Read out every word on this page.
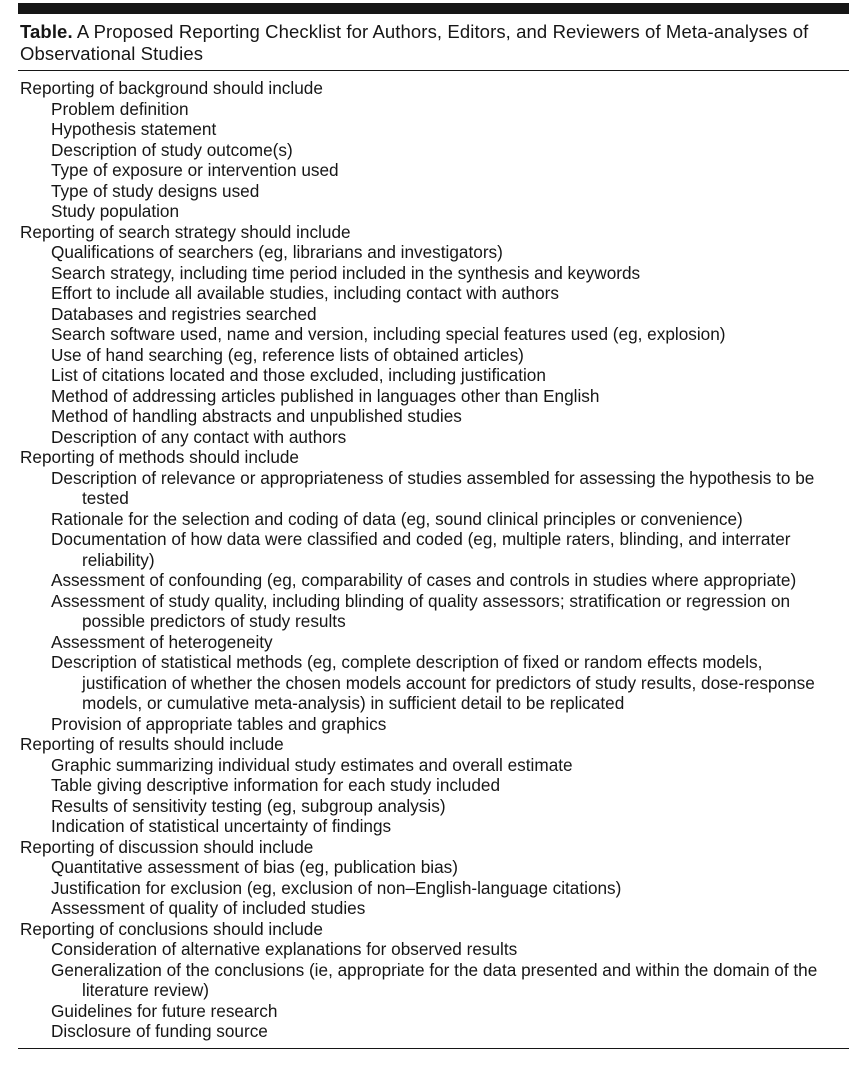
Table. A Proposed Reporting Checklist for Authors, Editors, and Reviewers of Meta-analyses of Observational Studies
Reporting of background should include
Problem definition
Hypothesis statement
Description of study outcome(s)
Type of exposure or intervention used
Type of study designs used
Study population
Reporting of search strategy should include
Qualifications of searchers (eg, librarians and investigators)
Search strategy, including time period included in the synthesis and keywords
Effort to include all available studies, including contact with authors
Databases and registries searched
Search software used, name and version, including special features used (eg, explosion)
Use of hand searching (eg, reference lists of obtained articles)
List of citations located and those excluded, including justification
Method of addressing articles published in languages other than English
Method of handling abstracts and unpublished studies
Description of any contact with authors
Reporting of methods should include
Description of relevance or appropriateness of studies assembled for assessing the hypothesis to be tested
Rationale for the selection and coding of data (eg, sound clinical principles or convenience)
Documentation of how data were classified and coded (eg, multiple raters, blinding, and interrater reliability)
Assessment of confounding (eg, comparability of cases and controls in studies where appropriate)
Assessment of study quality, including blinding of quality assessors; stratification or regression on possible predictors of study results
Assessment of heterogeneity
Description of statistical methods (eg, complete description of fixed or random effects models, justification of whether the chosen models account for predictors of study results, dose-response models, or cumulative meta-analysis) in sufficient detail to be replicated
Provision of appropriate tables and graphics
Reporting of results should include
Graphic summarizing individual study estimates and overall estimate
Table giving descriptive information for each study included
Results of sensitivity testing (eg, subgroup analysis)
Indication of statistical uncertainty of findings
Reporting of discussion should include
Quantitative assessment of bias (eg, publication bias)
Justification for exclusion (eg, exclusion of non–English-language citations)
Assessment of quality of included studies
Reporting of conclusions should include
Consideration of alternative explanations for observed results
Generalization of the conclusions (ie, appropriate for the data presented and within the domain of the literature review)
Guidelines for future research
Disclosure of funding source
